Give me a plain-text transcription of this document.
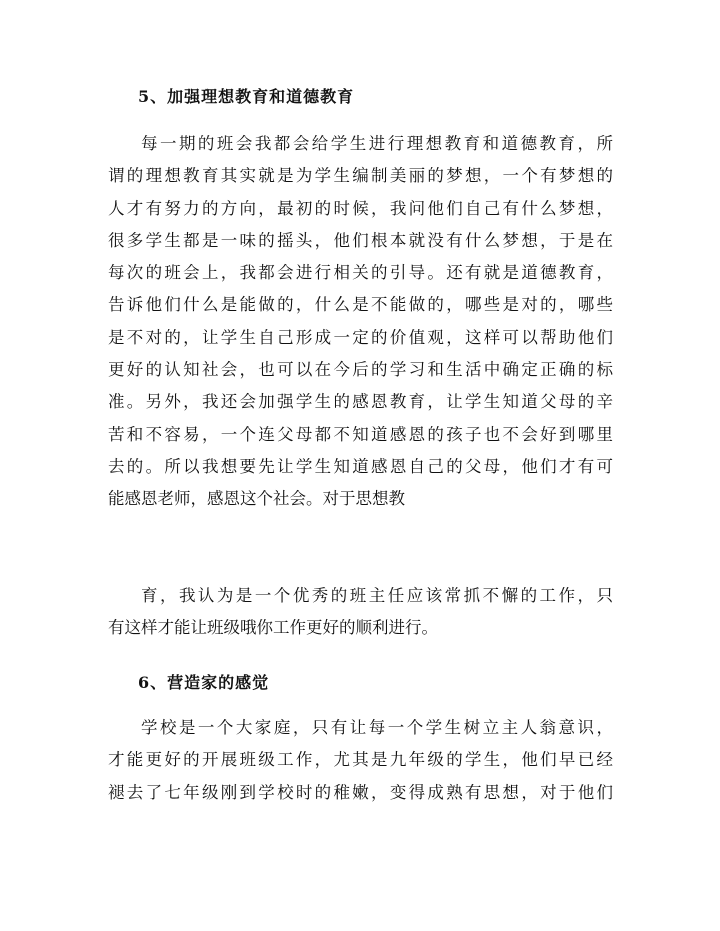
5、加强理想教育和道德教育
每一期的班会我都会给学生进行理想教育和道德教育，所
谓的理想教育其实就是为学生编制美丽的梦想，一个有梦想的
人才有努力的方向，最初的时候，我问他们自己有什么梦想，
很多学生都是一味的摇头，他们根本就没有什么梦想，于是在
每次的班会上，我都会进行相关的引导。还有就是道德教育，
告诉他们什么是能做的，什么是不能做的，哪些是对的，哪些
是不对的，让学生自己形成一定的价值观，这样可以帮助他们
更好的认知社会，也可以在今后的学习和生活中确定正确的标
准。另外，我还会加强学生的感恩教育，让学生知道父母的辛
苦和不容易，一个连父母都不知道感恩的孩子也不会好到哪里
去的。所以我想要先让学生知道感恩自己的父母，他们才有可
能感恩老师，感恩这个社会。对于思想教
育，我认为是一个优秀的班主任应该常抓不懈的工作，只
有这样才能让班级哦你工作更好的顺利进行。
6、营造家的感觉
学校是一个大家庭，只有让每一个学生树立主人翁意识，
才能更好的开展班级工作，尤其是九年级的学生，他们早已经
褪去了七年级刚到学校时的稚嫩，变得成熟有思想，对于他们
